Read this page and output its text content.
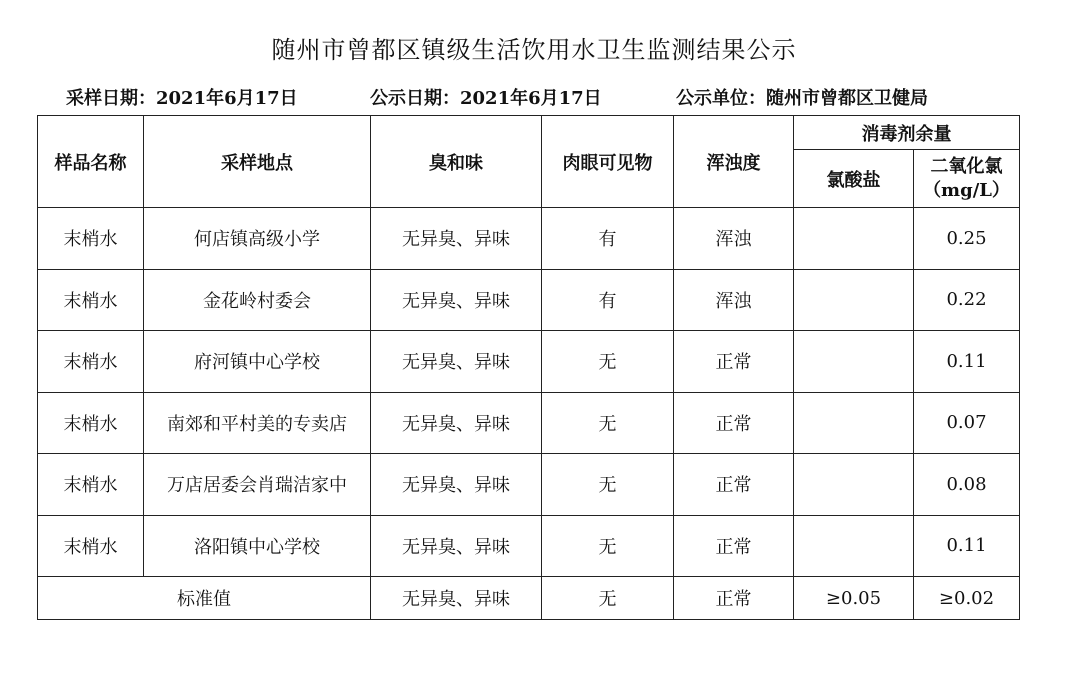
随州市曾都区镇级生活饮用水卫生监测结果公示
采样日期：2021年6月17日	公示日期：2021年6月17日	公示单位：随州市曾都区卫健局
样品名称	采样地点	臭和味	肉眼可见物	浑浊度	消毒剂余量	
					氯酸盐	二氧化氯
（mg/L）

末梢水	何店镇高级小学	无异臭、异味	有	浑浊		0.25
末梢水	金花岭村委会	无异臭、异味	有	浑浊		0.22
末梢水	府河镇中心学校	无异臭、异味	无	正常		0.11
末梢水	南郊和平村美的专卖店	无异臭、异味	无	正常		0.07
末梢水	万店居委会肖瑞洁家中	无异臭、异味	无	正常		0.08
末梢水	洛阳镇中心学校	无异臭、异味	无	正常		0.11
标准值		无异臭、异味	无	正常	≥0.05	≥0.02
